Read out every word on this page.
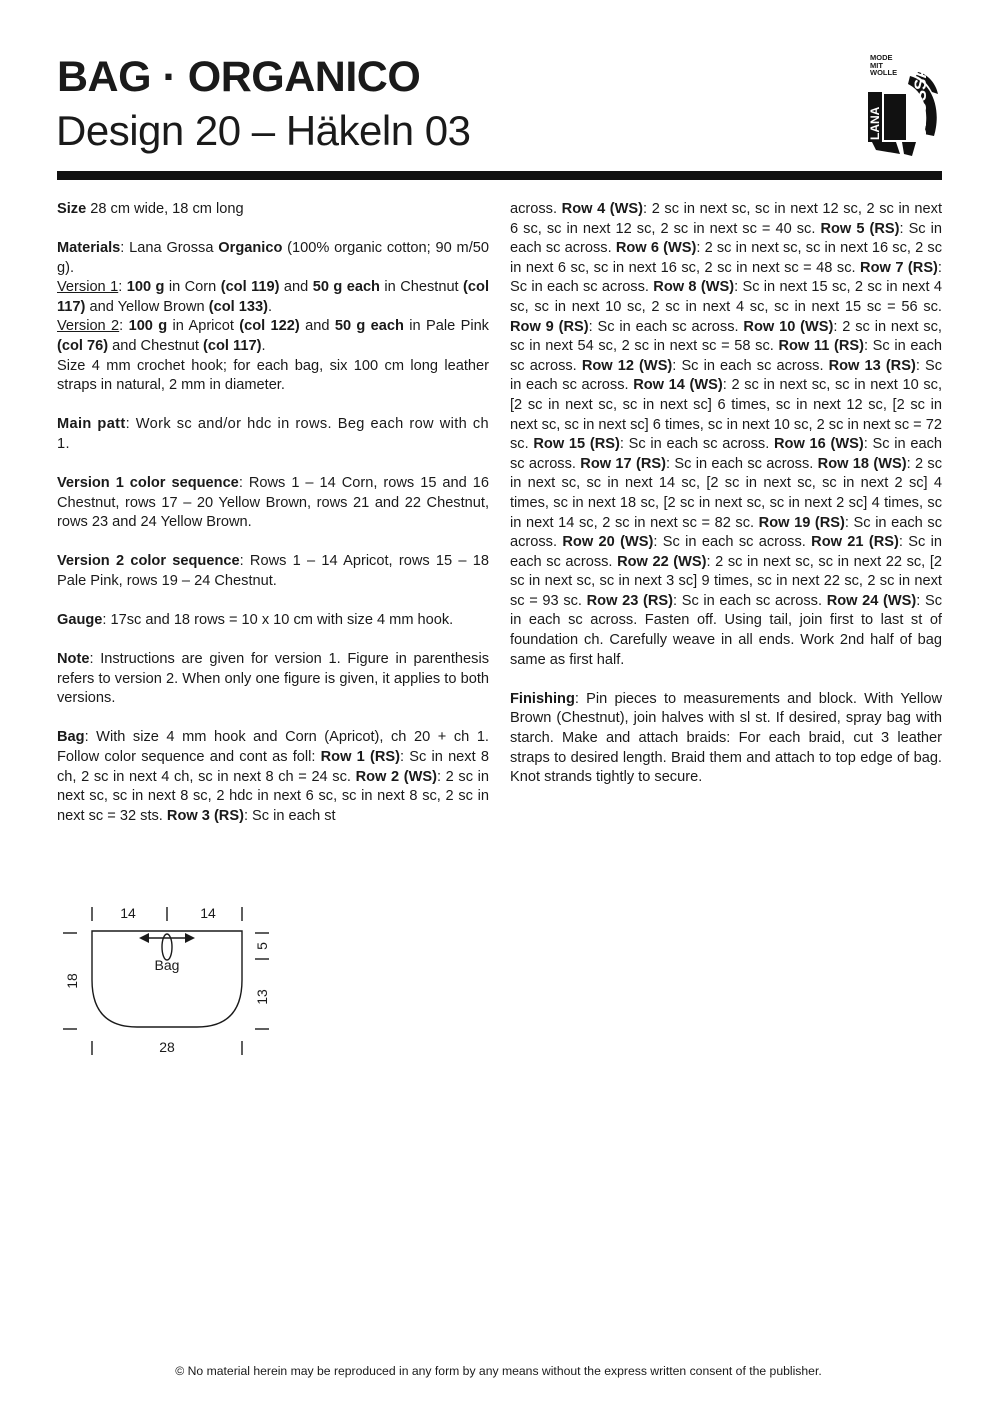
BAG · ORGANICO
Design 20 – Häkeln 03
MODE
MIT
WOLLE
LANA GROSSA

Size 28 cm wide, 18 cm long

Materials: Lana Grossa Organico (100% organic cotton; 90 m/50 g).

Version 1: 100 g in Corn (col 119) and 50 g each in Chestnut (col 117) and Yellow Brown (col 133).

Version 2: 100 g in Apricot (col 122) and 50 g each in Pale Pink (col 76) and Chestnut (col 117).

Size 4 mm crochet hook; for each bag, six 100 cm long leather straps in natural, 2 mm in diameter.

Main patt: Work sc and/or hdc in rows. Beg each row with ch 1.

Version 1 color sequence: Rows 1 – 14 Corn, rows 15 and 16 Chestnut, rows 17 – 20 Yellow Brown, rows 21 and 22 Chestnut, rows 23 and 24 Yellow Brown.

Version 2 color sequence: Rows 1 – 14 Apricot, rows 15 – 18 Pale Pink, rows 19 – 24 Chestnut.

Gauge: 17sc and 18 rows = 10 x 10 cm with size 4 mm hook.

Note: Instructions are given for version 1. Figure in parenthesis refers to version 2. When only one figure is given, it applies to both versions.

Bag: With size 4 mm hook and Corn (Apricot), ch 20 + ch 1. Follow color sequence and cont as foll: Row 1 (RS): Sc in next 8 ch, 2 sc in next 4 ch, sc in next 8 ch = 24 sc. Row 2 (WS): 2 sc in next sc, sc in next 8 sc, 2 hdc in next 6 sc, sc in next 8 sc, 2 sc in next sc = 32 sts. Row 3 (RS): Sc in each st

across. Row 4 (WS): 2 sc in next sc, sc in next 12 sc, 2 sc in next 6 sc, sc in next 12 sc, 2 sc in next sc = 40 sc. Row 5 (RS): Sc in each sc across. Row 6 (WS): 2 sc in next sc, sc in next 16 sc, 2 sc in next 6 sc, sc in next 16 sc, 2 sc in next sc = 48 sc. Row 7 (RS): Sc in each sc across. Row 8 (WS): Sc in next 15 sc, 2 sc in next 4 sc, sc in next 10 sc, 2 sc in next 4 sc, sc in next 15 sc = 56 sc. Row 9 (RS): Sc in each sc across. Row 10 (WS): 2 sc in next sc, sc in next 54 sc, 2 sc in next sc = 58 sc. Row 11 (RS): Sc in each sc across. Row 12 (WS): Sc in each sc across. Row 13 (RS): Sc in each sc across. Row 14 (WS): 2 sc in next sc, sc in next 10 sc, [2 sc in next sc, sc in next sc] 6 times, sc in next 12 sc, [2 sc in next sc, sc in next sc] 6 times, sc in next 10 sc, 2 sc in next sc = 72 sc. Row 15 (RS): Sc in each sc across. Row 16 (WS): Sc in each sc across. Row 17 (RS): Sc in each sc across. Row 18 (WS): 2 sc in next sc, sc in next 14 sc, [2 sc in next sc, sc in next 2 sc] 4 times, sc in next 18 sc, [2 sc in next sc, sc in next 2 sc] 4 times, sc in next 14 sc, 2 sc in next sc = 82 sc. Row 19 (RS): Sc in each sc across. Row 20 (WS): Sc in each sc across. Row 21 (RS): Sc in each sc across. Row 22 (WS): 2 sc in next sc, sc in next 22 sc, [2 sc in next sc, sc in next 3 sc] 9 times, sc in next 22 sc, 2 sc in next sc = 93 sc. Row 23 (RS): Sc in each sc across. Row 24 (WS): Sc in each sc across. Fasten off. Using tail, join first to last st of foundation ch. Carefully weave in all ends. Work 2nd half of bag same as first half.

Finishing: Pin pieces to measurements and block. With Yellow Brown (Chestnut), join halves with sl st. If desired, spray bag with starch. Make and attach braids: For each braid, cut 3 leather straps to desired length. Braid them and attach to top edge of bag. Knot strands tightly to secure.

14	14
Bag
18
5
13
28
© No material herein may be reproduced in any form by any means without the express written consent of the publisher.
